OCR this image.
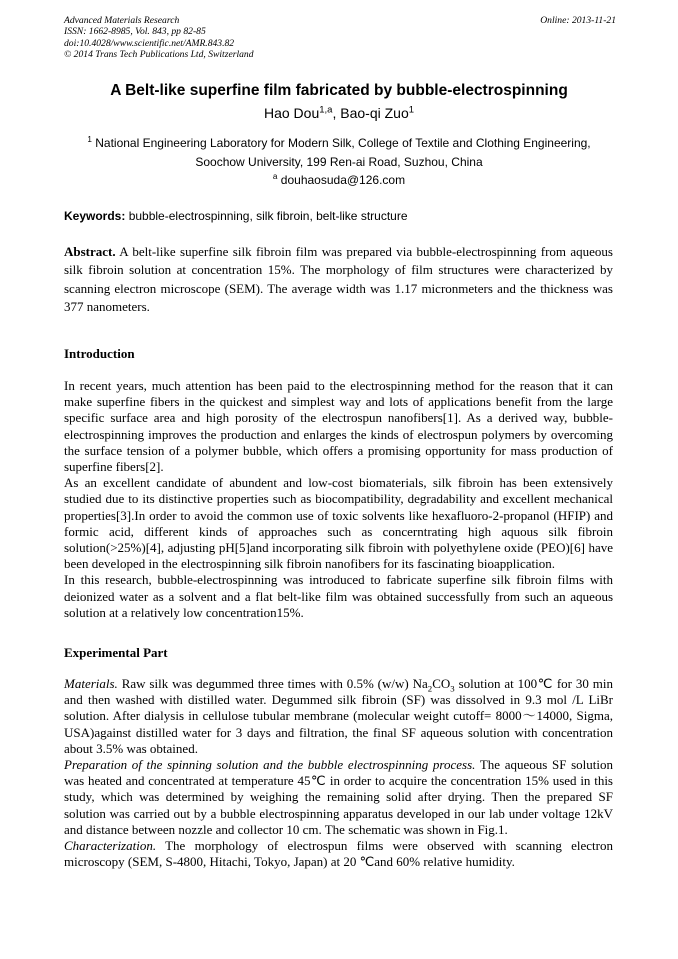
Advanced Materials Research
ISSN: 1662-8985, Vol. 843, pp 82-85
doi:10.4028/www.scientific.net/AMR.843.82
© 2014 Trans Tech Publications Ltd, Switzerland
Online: 2013-11-21
A Belt-like superfine film fabricated by bubble-electrospinning
Hao Dou$^{1,a}$, Bao-qi Zuo$^1$
$^1$ National Engineering Laboratory for Modern Silk, College of Textile and Clothing Engineering,
Soochow University, 199 Ren-ai Road, Suzhou, China
$^a$ douhaosuda@126.com
Keywords: bubble-electrospinning, silk fibroin, belt-like structure
Abstract. A belt-like superfine silk fibroin film was prepared via bubble-electrospinning from aqueous silk fibroin solution at concentration 15%. The morphology of film structures were characterized by scanning electron microscope (SEM). The average width was 1.17 micronmeters and the thickness was 377 nanometers.
Introduction
In recent years, much attention has been paid to the electrospinning method for the reason that it can make superfine fibers in the quickest and simplest way and lots of applications benefit from the large specific surface area and high porosity of the electrospun nanofibers[1]. As a derived way, bubble-electrospinning improves the production and enlarges the kinds of electrospun polymers by overcoming the surface tension of a polymer bubble, which offers a promising opportunity for mass production of superfine fibers[2].
As an excellent candidate of abundent and low-cost biomaterials, silk fibroin has been extensively studied due to its distinctive properties such as biocompatibility, degradability and excellent mechanical properties[3].In order to avoid the common use of toxic solvents like hexafluoro-2-propanol (HFIP) and formic acid, different kinds of approaches such as concerntrating high aquous silk fibroin solution(>25%)[4], adjusting pH[5]and incorporating silk fibroin with polyethylene oxide (PEO)[6] have been developed in the electrospinning silk fibroin nanofibers for its fascinating bioapplication.
In this research, bubble-electrospinning was introduced to fabricate superfine silk fibroin films with deionized water as a solvent and a flat belt-like film was obtained successfully from such an aqueous solution at a relatively low concentration15%.
Experimental Part
Materials. Raw silk was degummed three times with 0.5% (w/w) $Na_2CO_3$ solution at 100℃ for 30 min and then washed with distilled water. Degummed silk fibroin (SF) was dissolved in 9.3 mol /L LiBr solution. After dialysis in cellulose tubular membrane (molecular weight cutoff= 8000～14000, Sigma, USA)against distilled water for 3 days and filtration, the final SF aqueous solution with concentration about 3.5% was obtained.
Preparation of the spinning solution and the bubble electrospinning process. The aqueous SF solution was heated and concentrated at temperature 45℃ in order to acquire the concentration 15% used in this study, which was determined by weighing the remaining solid after drying. Then the prepared SF solution was carried out by a bubble electrospinning apparatus developed in our lab under voltage 12kV and distance between nozzle and collector 10 cm. The schematic was shown in Fig.1.
Characterization. The morphology of electrospun films were observed with scanning electron microscopy (SEM, S-4800, Hitachi, Tokyo, Japan) at 20 ℃and 60% relative humidity.
